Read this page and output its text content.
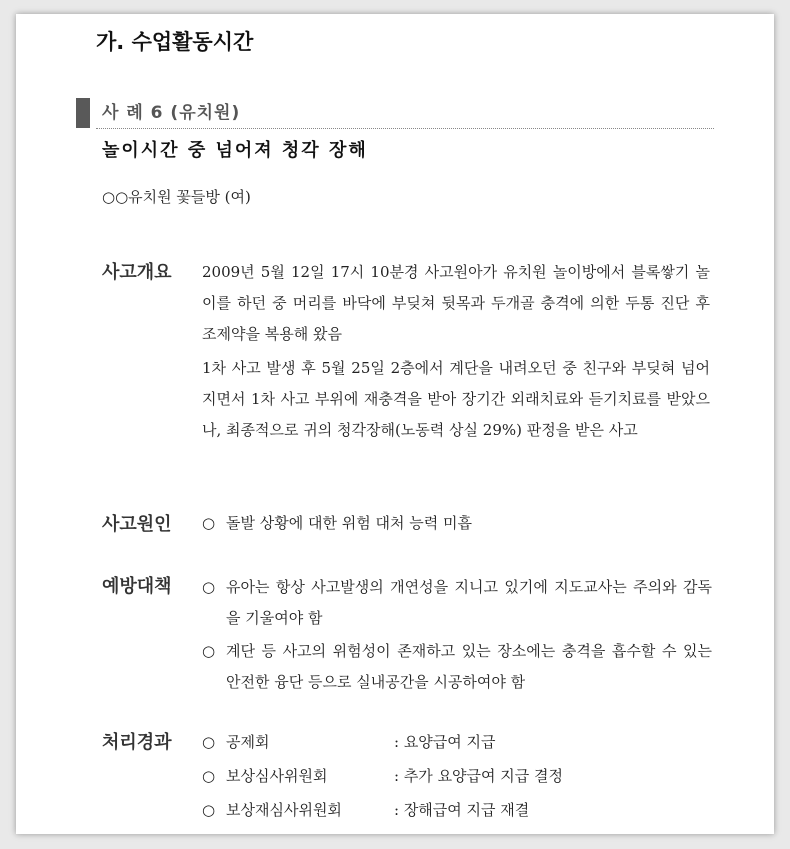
가. 수업활동시간
사 례 6 (유치원)
놀이시간 중 넘어져 청각 장해
○○유치원 꽃들방 (여)
사고개요 2009년 5월 12일 17시 10분경 사고원아가 유치원 놀이방에서 블록쌓기 놀이를 하던 중 머리를 바닥에 부딪쳐 뒷목과 두개골 충격에 의한 두통 진단 후 조제약을 복용해 왔음
1차 사고 발생 후 5월 25일 2층에서 계단을 내려오던 중 친구와 부딪혀 넘어지면서 1차 사고 부위에 재충격을 받아 장기간 외래치료와 듣기치료를 받았으나, 최종적으로 귀의 청각장해(노동력 상실 29%) 판정을 받은 사고
사고원인 ○ 돌발 상황에 대한 위험 대처 능력 미흡
예방대책 ○ 유아는 항상 사고발생의 개연성을 지니고 있기에 지도교사는 주의와 감독을 기울여야 함
○ 계단 등 사고의 위험성이 존재하고 있는 장소에는 충격을 흡수할 수 있는 안전한 융단 등으로 실내공간을 시공하여야 함
처리경과 ○ 공제회	: 요양급여 지급
○ 보상심사위원회	: 추가 요양급여 지급 결정
○ 보상재심사위원회	: 장해급여 지급 재결
